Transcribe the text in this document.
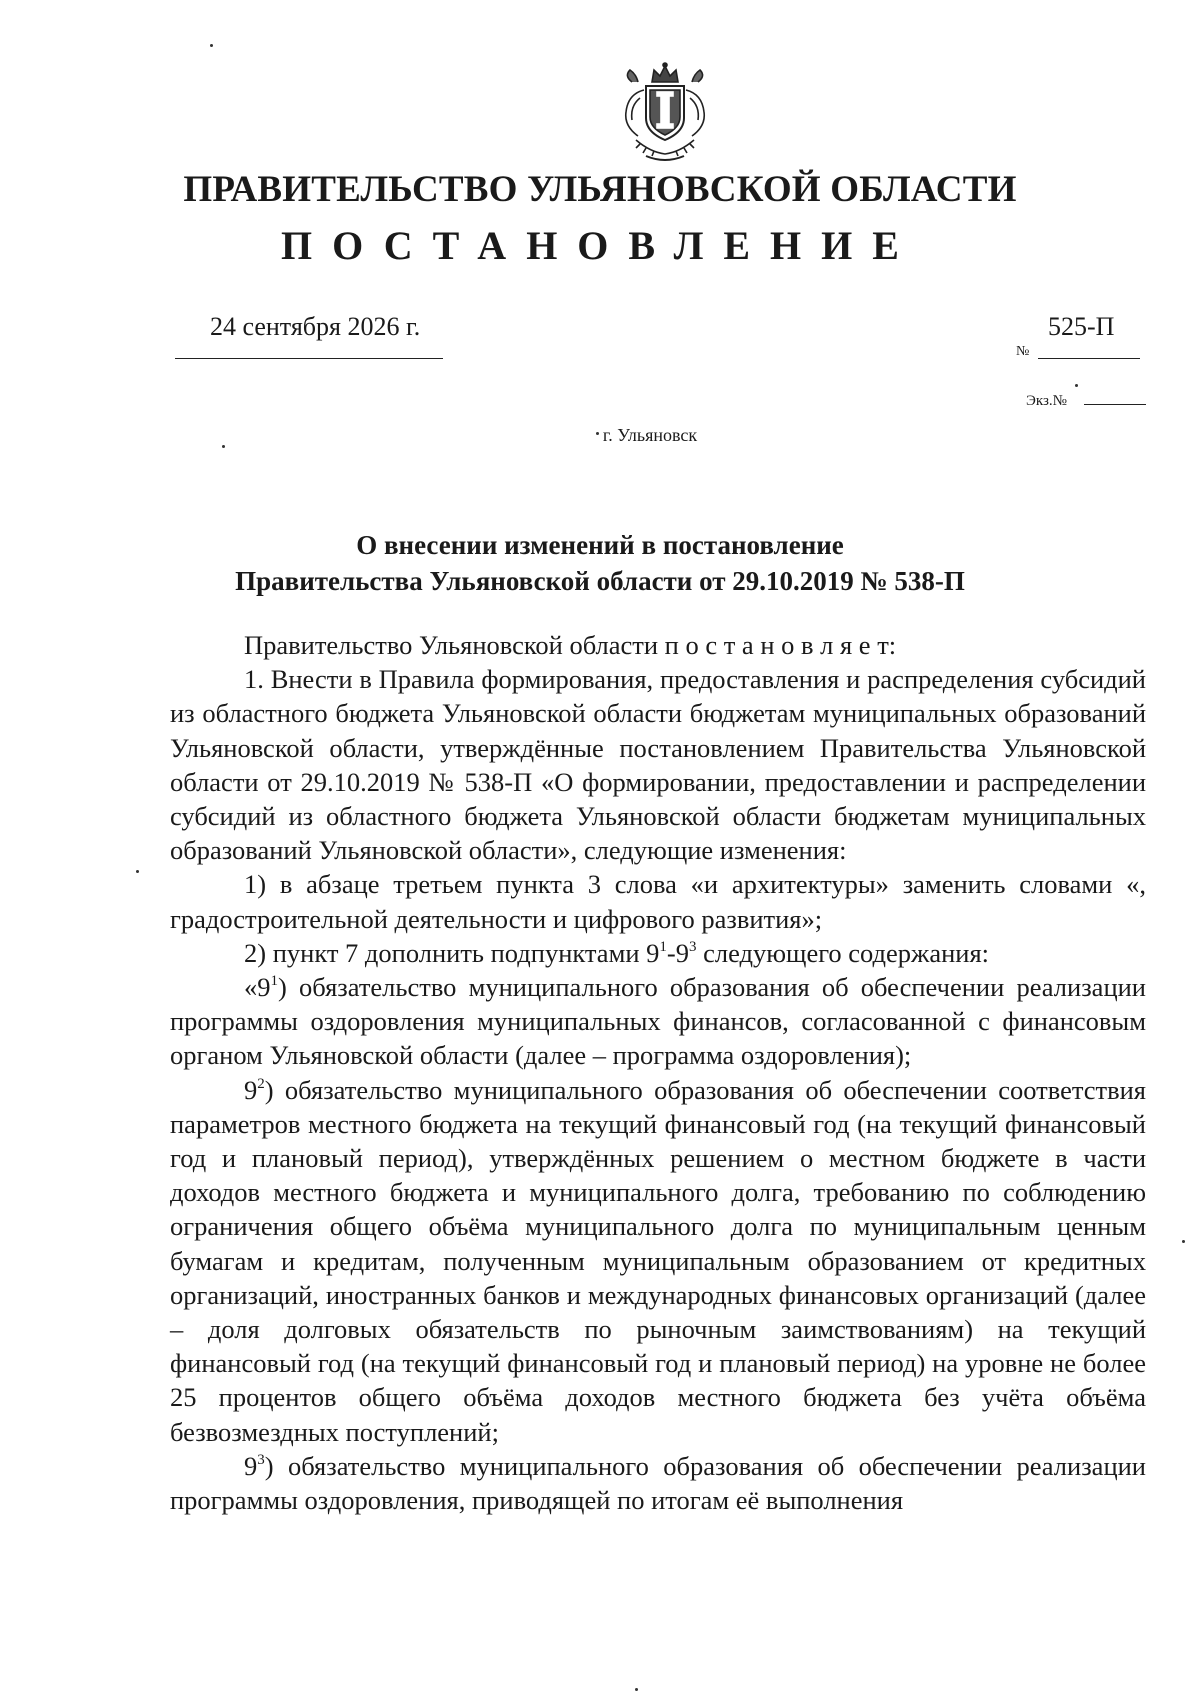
ПРАВИТЕЛЬСТВО УЛЬЯНОВСКОЙ ОБЛАСТИ
ПОСТАНОВЛЕНИЕ
24 сентября 2026 г.	525-П
№
Экз.№
г. Ульяновск
О внесении изменений в постановление
Правительства Ульяновской области от 29.10.2019 № 538-П

Правительство Ульяновской области п о с т а н о в л я е т:

1. Внести в Правила формирования, предоставления и распределения субсидий из областного бюджета Ульяновской области бюджетам муниципальных образований Ульяновской области, утверждённые постановлением Правительства Ульяновской области от 29.10.2019 № 538-П «О формировании, предоставлении и распределении субсидий из областного бюджета Ульяновской области бюджетам муниципальных образований Ульяновской области», следующие изменения:

1) в абзаце третьем пункта 3 слова «и архитектуры» заменить словами «, градостроительной деятельности и цифрового развития»;

2) пункт 7 дополнить подпунктами $9^1-9^3$ следующего содержания:

«$9^1$) обязательство муниципального образования об обеспечении реализации программы оздоровления муниципальных финансов, согласованной с финансовым органом Ульяновской области (далее – программа оздоровления);

$9^2$) обязательство муниципального образования об обеспечении соответствия параметров местного бюджета на текущий финансовый год (на текущий финансовый год и плановый период), утверждённых решением о местном бюджете в части доходов местного бюджета и муниципального долга, требованию по соблюдению ограничения общего объёма муниципального долга по муниципальным ценным бумагам и кредитам, полученным муниципальным образованием от кредитных организаций, иностранных банков и международных финансовых организаций (далее – доля долговых обязательств по рыночным заимствованиям) на текущий финансовый год (на текущий финансовый год и плановый период) на уровне не более 25 процентов общего объёма доходов местного бюджета без учёта объёма безвозмездных поступлений;

$9^3$) обязательство муниципального образования об обеспечении реализации программы оздоровления, приводящей по итогам её выполнения
